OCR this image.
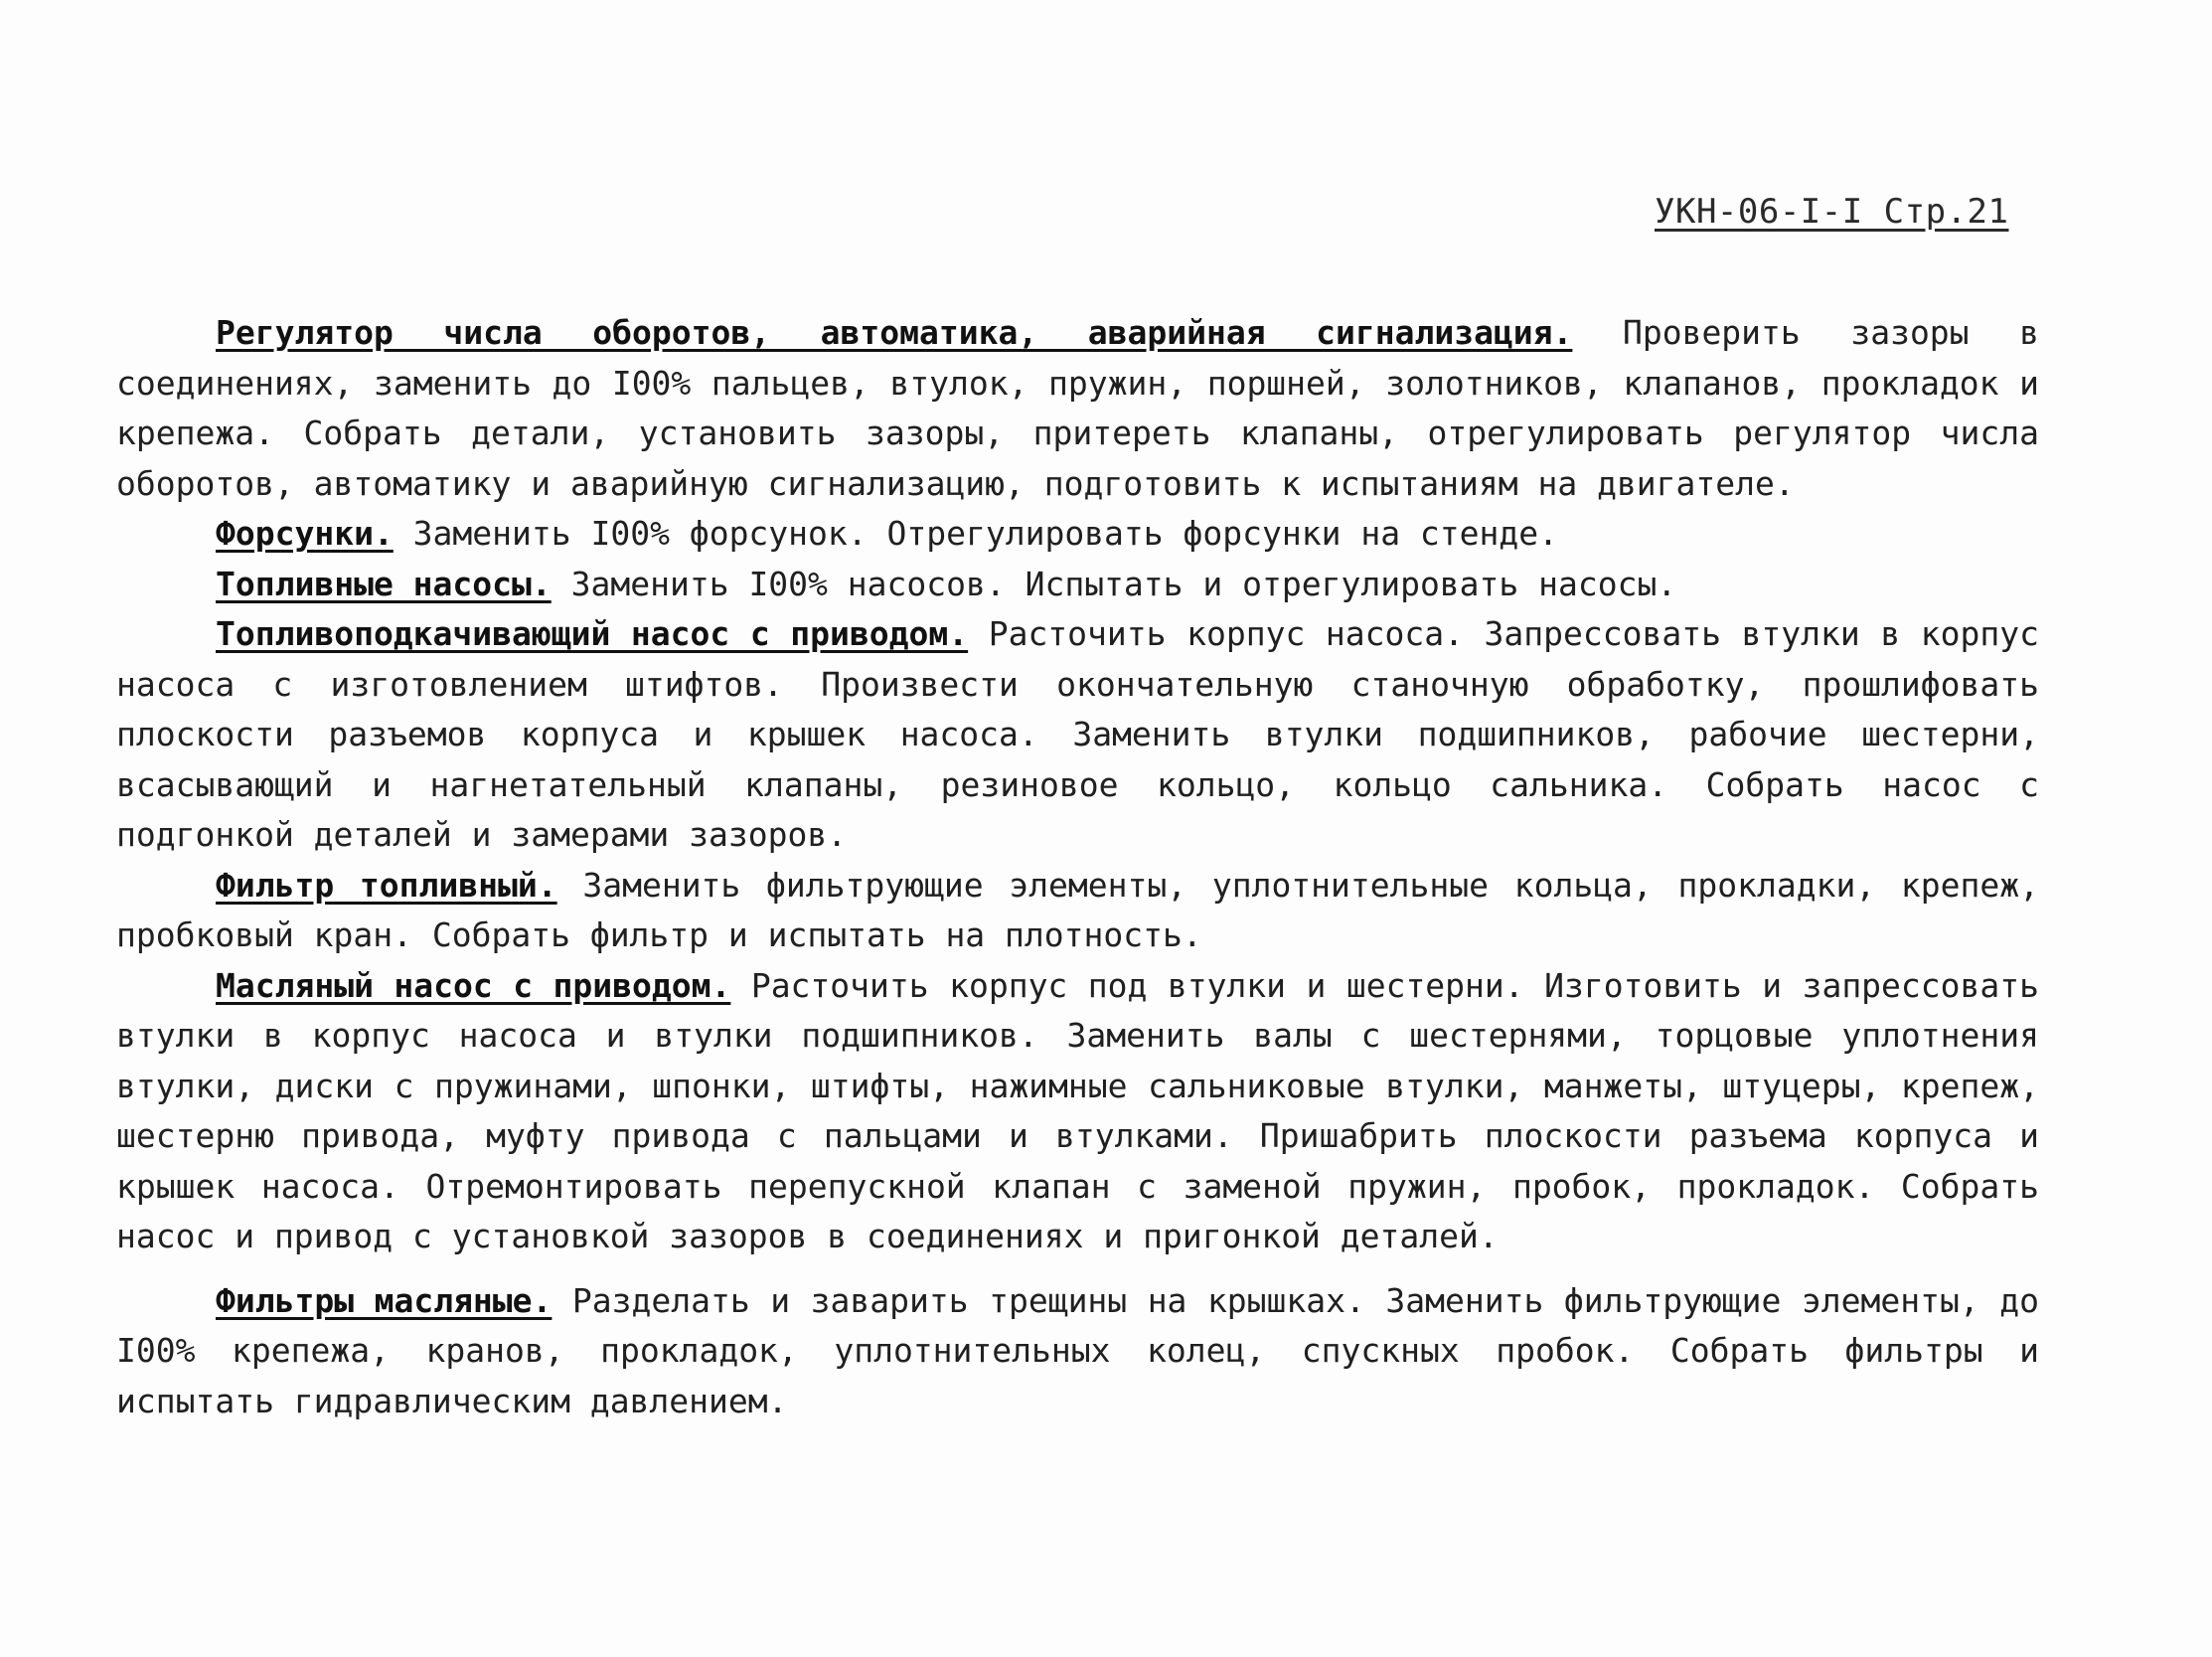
УКН-06-I-I Стр.21

Регулятор числа оборотов, автоматика, аварийная сигнализация. Проверить зазоры в соединениях, заменить до I00% пальцев, втулок, пружин, поршней, золотников, клапанов, прокладок и крепежа. Собрать детали, установить зазоры, притереть клапаны, отрегулировать регулятор числа оборотов, автоматику и аварийную сигнализацию, подготовить к испытаниям на двигателе.

Форсунки. Заменить I00% форсунок. Отрегулировать форсунки на стенде.

Топливные насосы. Заменить I00% насосов. Испытать и отрегулировать насосы.

Топливоподкачивающий насос с приводом. Расточить корпус насоса. Запрессовать втулки в корпус насоса с изготовлением штифтов. Произвести окончательную станочную обработку, прошлифовать плоскости разъемов корпуса и крышек насоса. Заменить втулки подшипников, рабочие шестерни, всасывающий и нагнетательный клапаны, резиновое кольцо, кольцо сальника. Собрать насос с подгонкой деталей и замерами зазоров.

Фильтр топливный. Заменить фильтрующие элементы, уплотнительные кольца, прокладки, крепеж, пробковый кран. Собрать фильтр и испытать на плотность.

Масляный насос с приводом. Расточить корпус под втулки и шестерни. Изготовить и запрессовать втулки в корпус насоса и втулки подшипников. Заменить валы с шестернями, торцовые уплотнения втулки, диски с пружинами, шпонки, штифты, нажимные сальниковые втулки, манжеты, штуцеры, крепеж, шестерню привода, муфту привода с пальцами и втулками. Пришабрить плоскости разъема корпуса и крышек насоса. Отремонтировать перепускной клапан с заменой пружин, пробок, прокладок. Собрать насос и привод с установкой зазоров в соединениях и пригонкой деталей.

Фильтры масляные. Разделать и заварить трещины на крышках. Заменить фильтрующие элементы, до I00% крепежа, кранов, прокладок, уплотнительных колец, спускных пробок. Собрать фильтры и испытать гидравлическим давлением.
